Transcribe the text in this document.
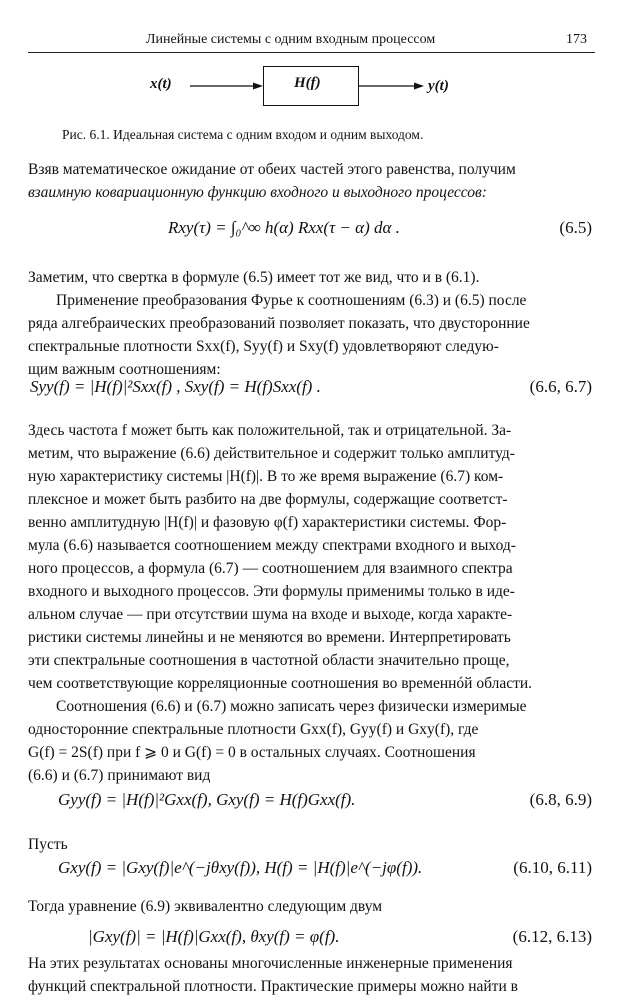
Линейные системы с одним входным процессом	173
x(t)	H(f)	y(t)
Рис. 6.1. Идеальная система с одним входом и одним выходом.
Взяв математическое ожидание от обеих частей этого равенства, получим
взаимную ковариационную функцию входного и выходного процессов:
Rxy(τ) = ∫₀^∞ h(α) Rxx(τ − α) dα .	(6.5)
Заметим, что свертка в формуле (6.5) имеет тот же вид, что и в (6.1).
Применение преобразования Фурье к соотношениям (6.3) и (6.5) после
ряда алгебраических преобразований позволяет показать, что двусторонние
спектральные плотности Sxx(f), Syy(f) и Sxy(f) удовлетворяют следую-
щим важным соотношениям:
Syy(f) = |H(f)|²Sxx(f) , Sxy(f) = H(f)Sxx(f) .	(6.6, 6.7)
Здесь частота f может быть как положительной, так и отрицательной. За-
метим, что выражение (6.6) действительное и содержит только амплитуд-
ную характеристику системы |H(f)|. В то же время выражение (6.7) ком-
плексное и может быть разбито на две формулы, содержащие соответст-
венно амплитудную |H(f)| и фазовую φ(f) характеристики системы. Фор-
мула (6.6) называется соотношением между спектрами входного и выход-
ного процессов, а формула (6.7) — соотношением для взаимного спектра
входного и выходного процессов. Эти формулы применимы только в иде-
альном случае — при отсутствии шума на входе и выходе, когда характе-
ристики системы линейны и не меняются во времени. Интерпретировать
эти спектральные соотношения в частотной области значительно проще,
чем соответствующие корреляционные соотношения во временнóй области.
Соотношения (6.6) и (6.7) можно записать через физически измеримые
односторонние спектральные плотности Gxx(f), Gyy(f) и Gxy(f), где
G(f) = 2S(f) при f ⩾ 0 и G(f) = 0 в остальных случаях. Соотношения
(6.6) и (6.7) принимают вид
Gyy(f) = |H(f)|²Gxx(f), Gxy(f) = H(f)Gxx(f).	(6.8, 6.9)
Пусть
Gxy(f) = |Gxy(f)|e^(−jθxy(f)), H(f) = |H(f)|e^(−jφ(f)).	(6.10, 6.11)
Тогда уравнение (6.9) эквивалентно следующим двум
|Gxy(f)| = |H(f)|Gxx(f), θxy(f) = φ(f).	(6.12, 6.13)
На этих результатах основаны многочисленные инженерные применения
функций спектральной плотности. Практические примеры можно найти в
